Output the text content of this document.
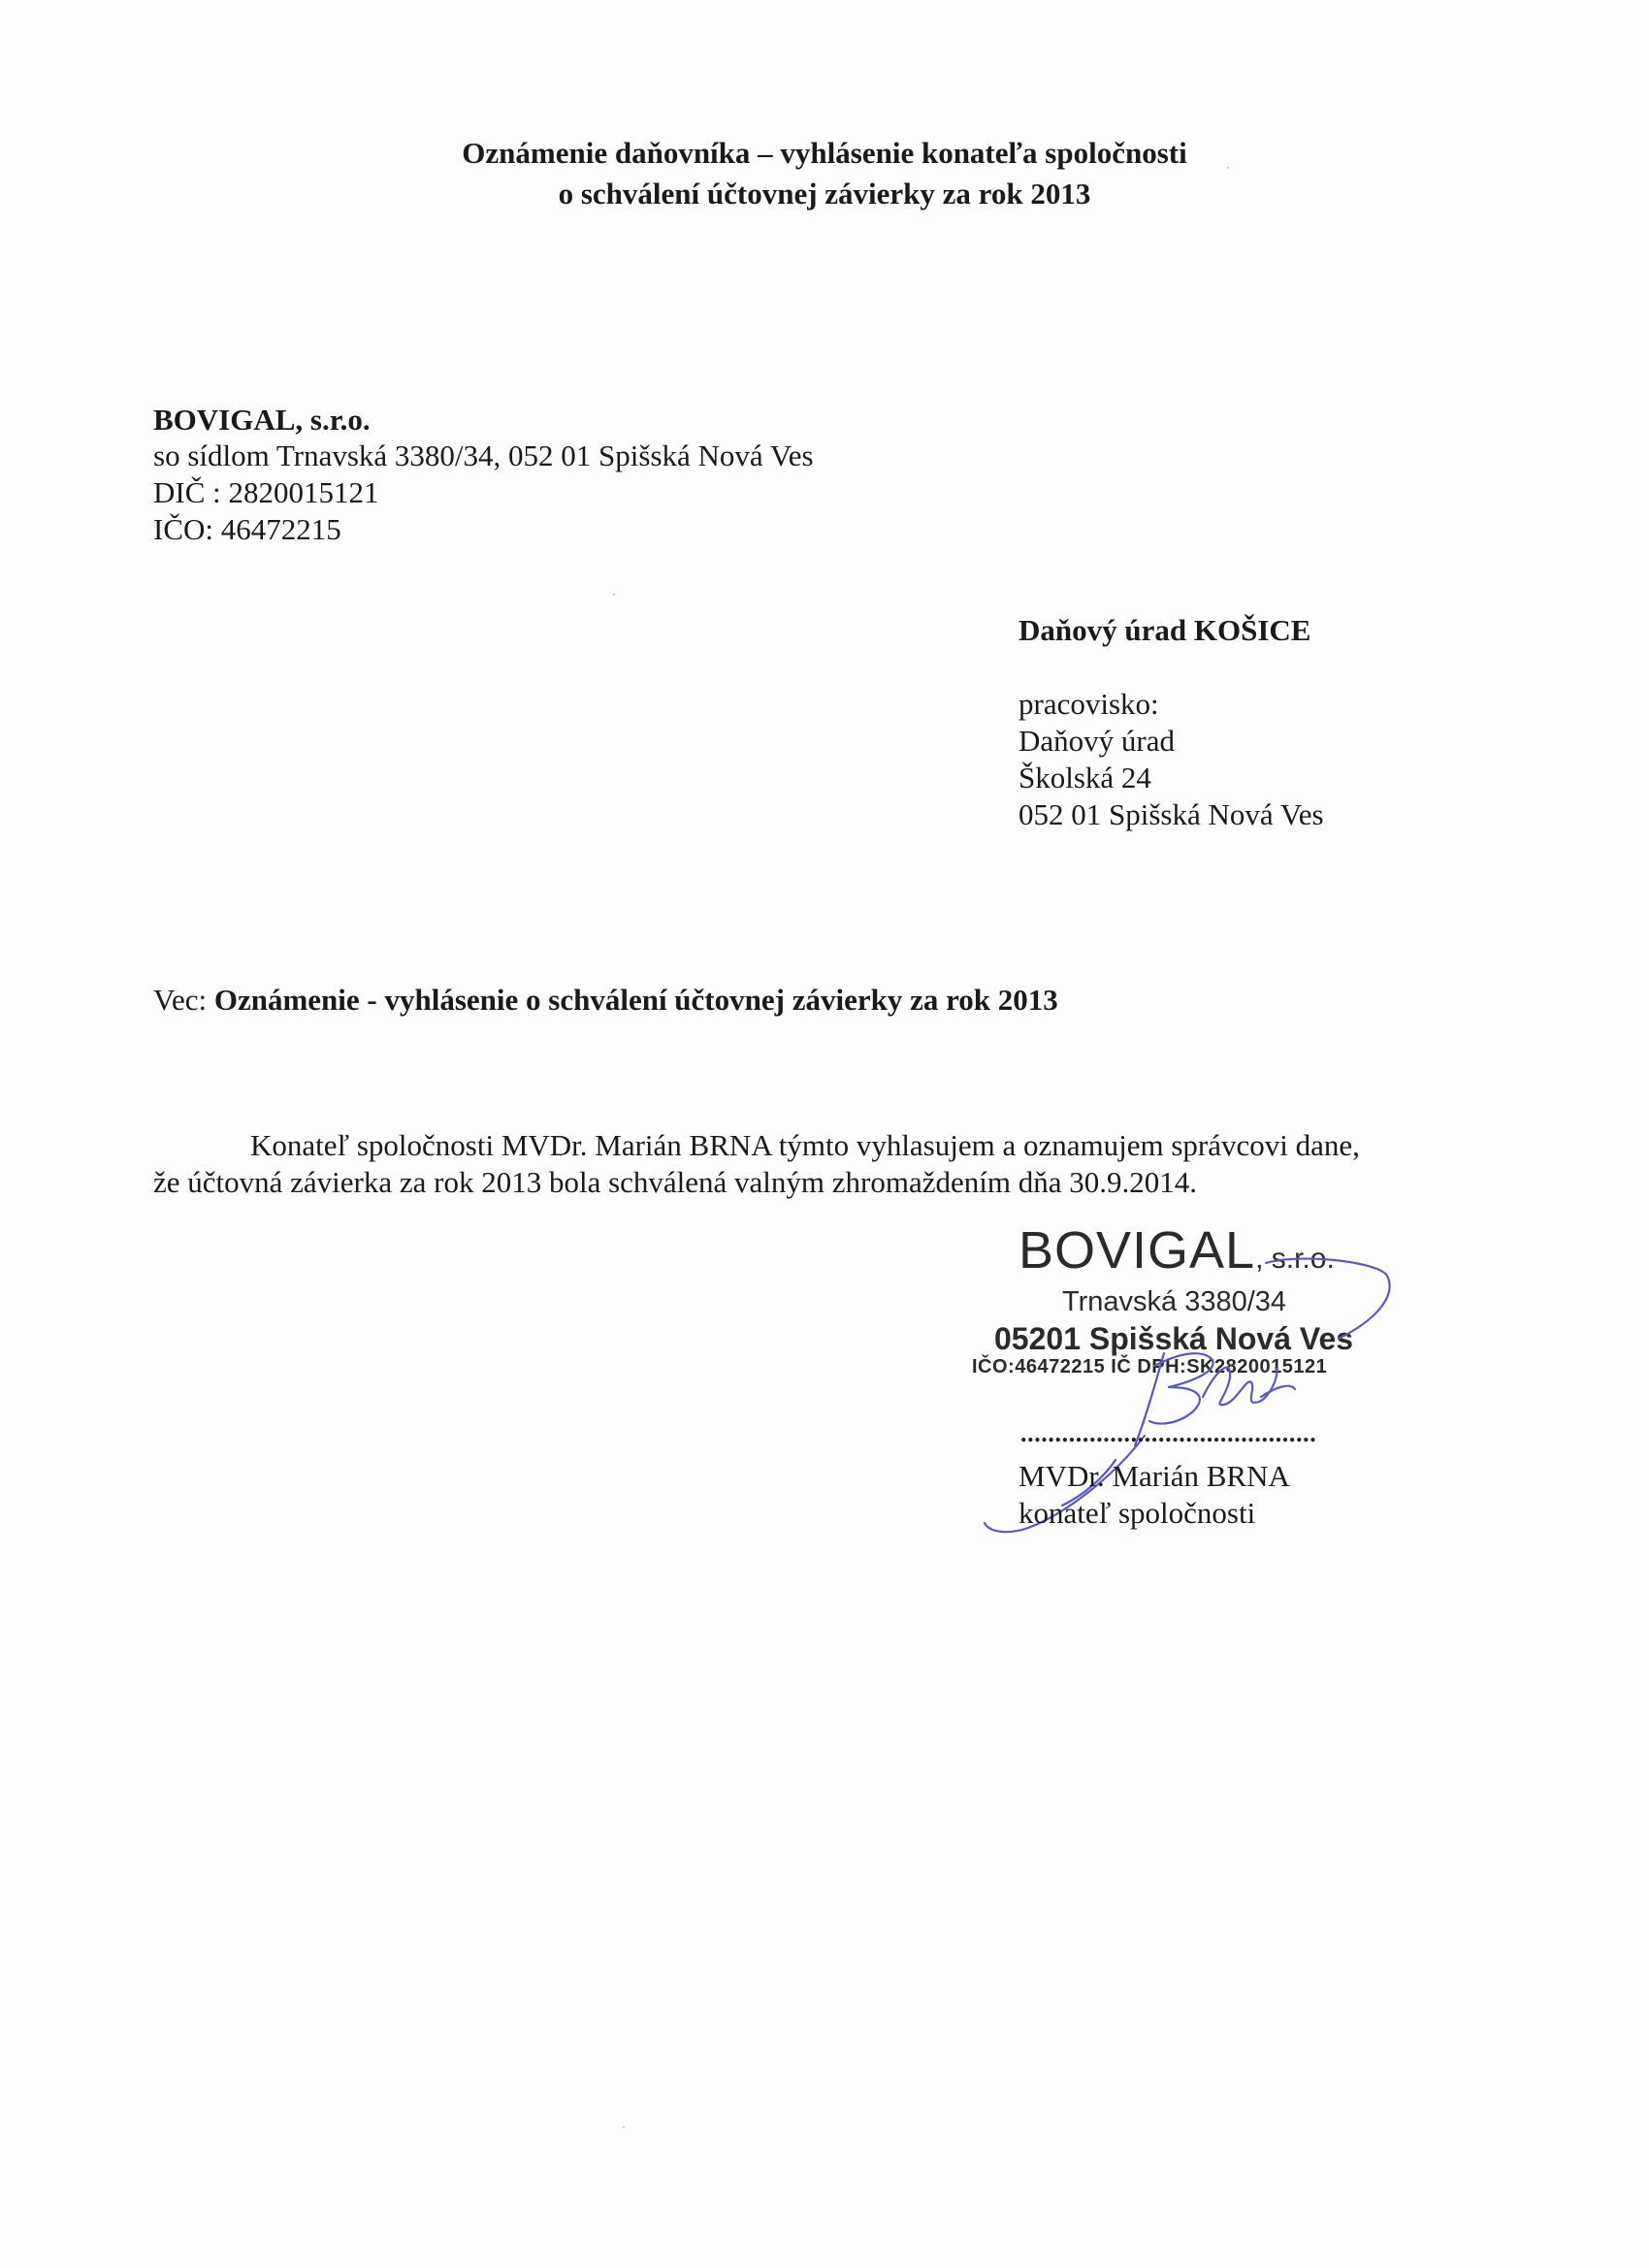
Oznámenie daňovníka – vyhlásenie konateľa spoločnosti
o schválení účtovnej závierky za rok 2013
BOVIGAL, s.r.o.
so sídlom Trnavská 3380/34, 052 01 Spišská Nová Ves
DIČ : 2820015121
IČO: 46472215
Daňový úrad KOŠICE
pracovisko:
Daňový úrad
Školská 24
052 01 Spišská Nová Ves
Vec: Oznámenie - vyhlásenie o schválení účtovnej závierky za rok 2013
Konateľ spoločnosti MVDr. Marián BRNA týmto vyhlasujem a oznamujem správcovi dane,
že účtovná závierka za rok 2013 bola schválená valným zhromaždením dňa 30.9.2014.
BOVIGAL, s.r.o.
Trnavská 3380/34
05201 Spišská Nová Ves
IČO:46472215 IČ DPH:SK2820015121
...........................................
MVDr. Marián BRNA
konateľ spoločnosti
